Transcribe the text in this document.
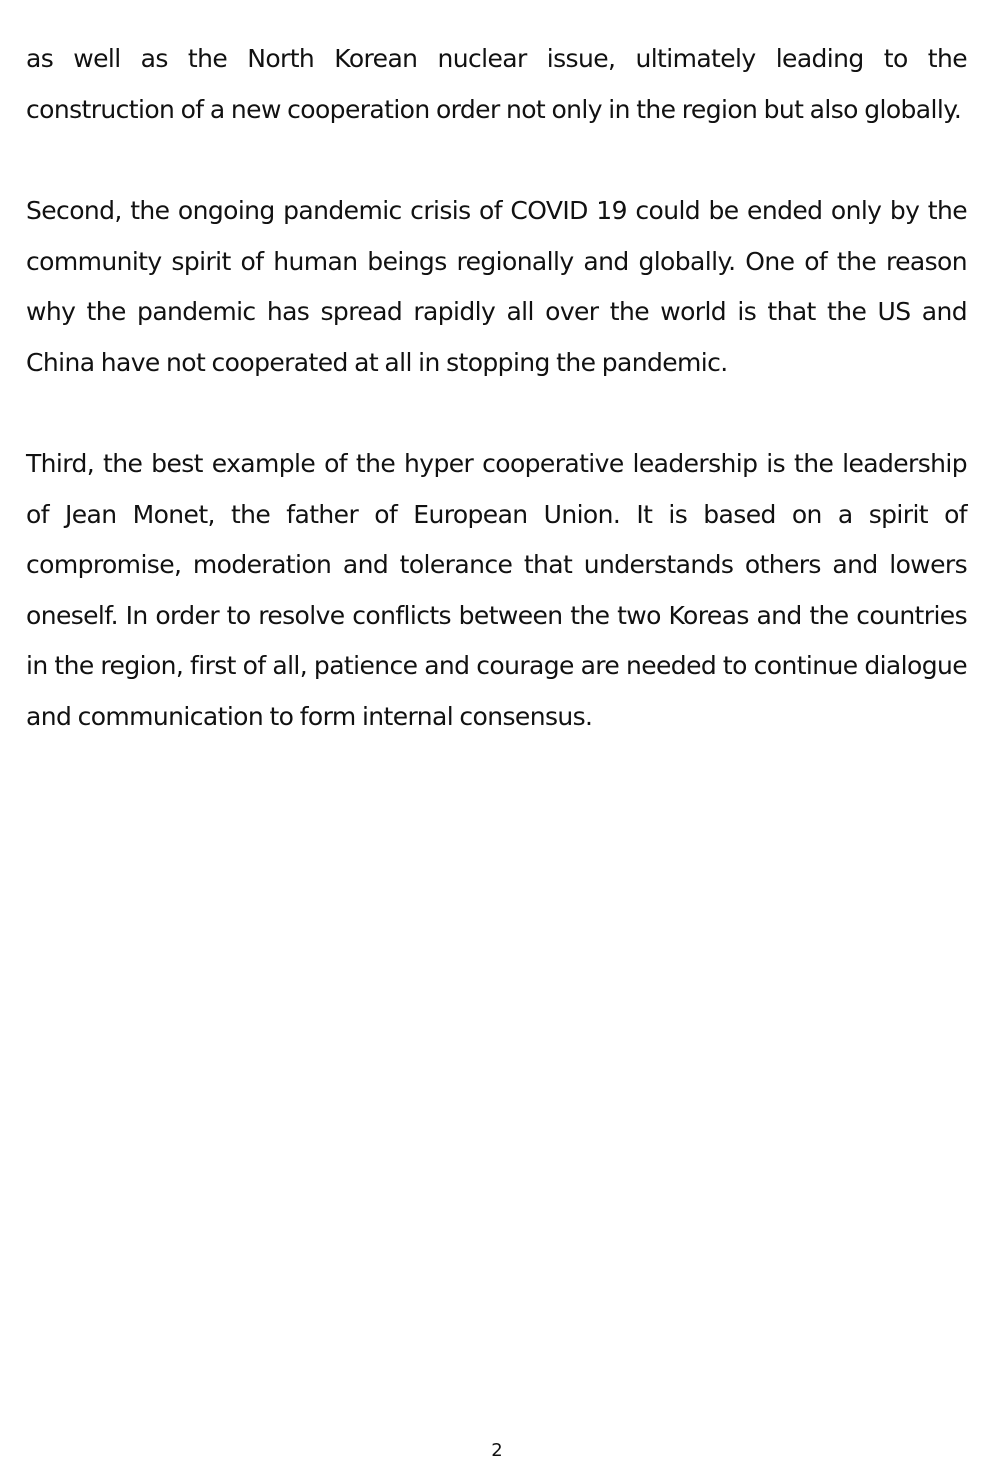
as well as the North Korean nuclear issue, ultimately leading to the construction of a new cooperation order not only in the region but also globally.

Second, the ongoing pandemic crisis of COVID 19 could be ended only by the community spirit of human beings regionally and globally. One of the reason why the pandemic has spread rapidly all over the world is that the US and China have not cooperated at all in stopping the pandemic.

Third, the best example of the hyper cooperative leadership is the leadership of Jean Monet, the father of European Union. It is based on a spirit of compromise, moderation and tolerance that understands others and lowers oneself. In order to resolve conflicts between the two Koreas and the countries in the region, first of all, patience and courage are needed to continue dialogue and communication to form internal consensus.

2
